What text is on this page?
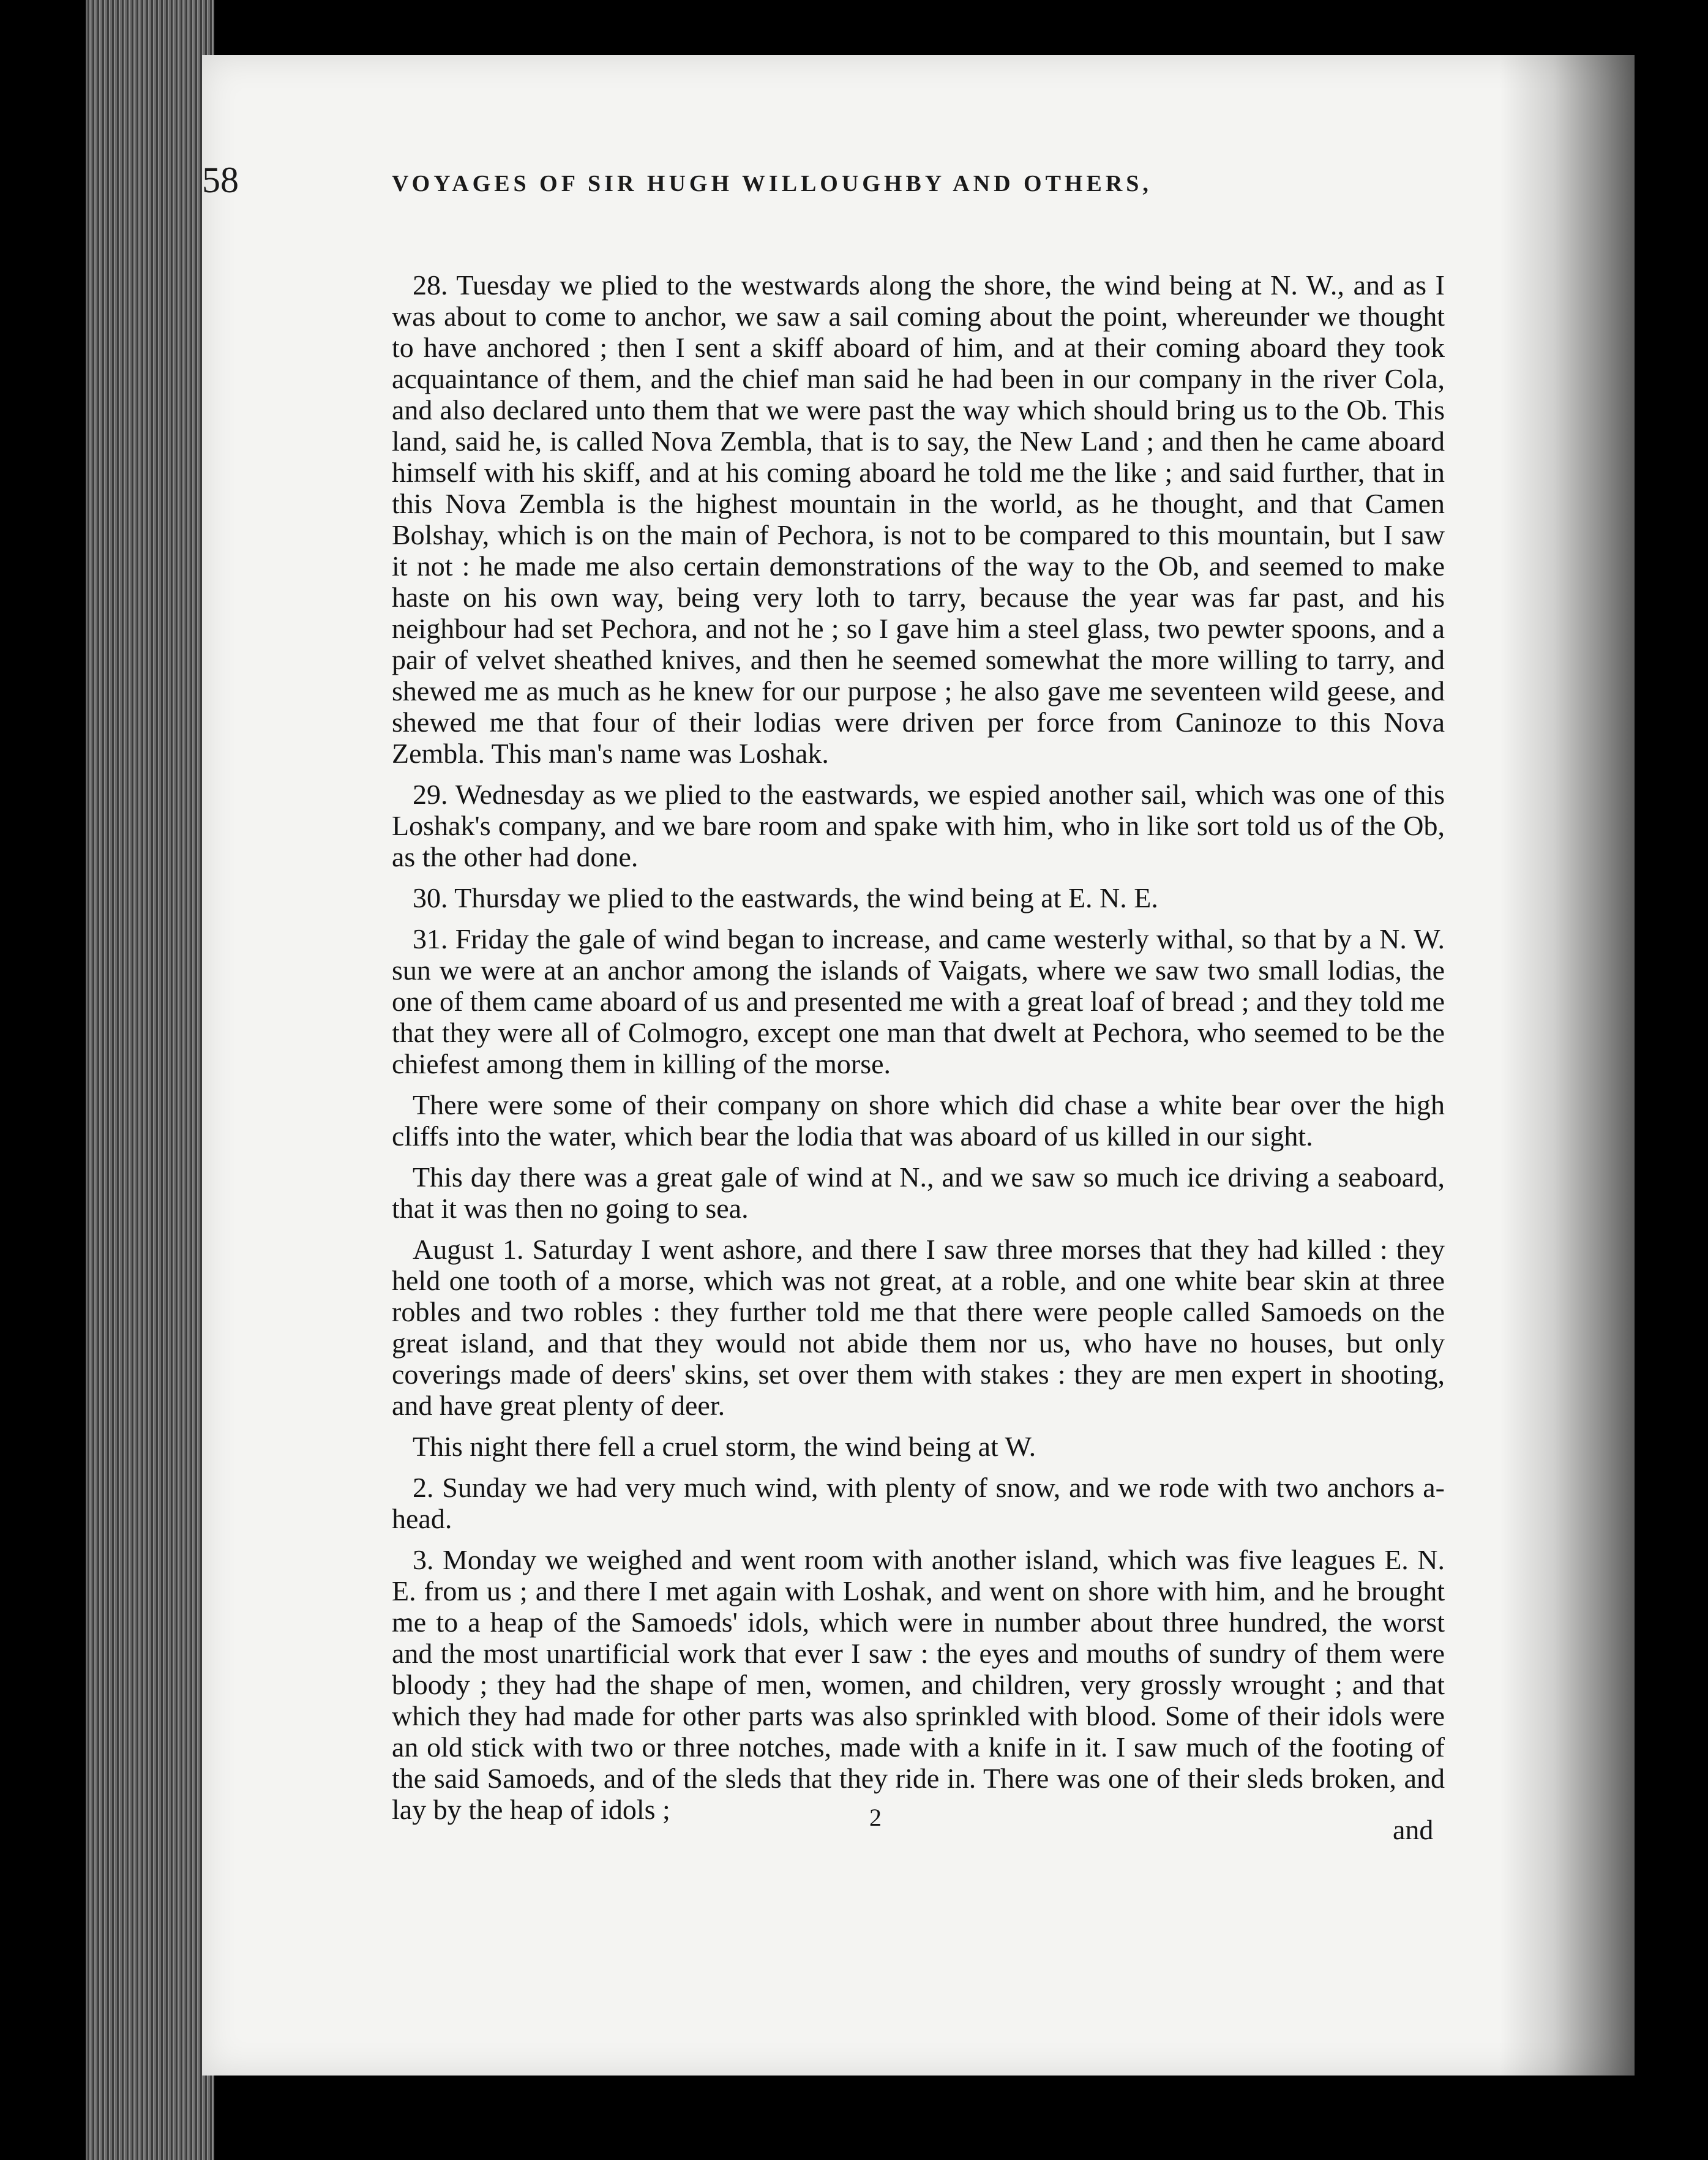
58	VOYAGES OF SIR HUGH WILLOUGHBY AND OTHERS,

28. Tuesday we plied to the westwards along the shore, the wind being at N. W., and as I was about to come to anchor, we saw a sail coming about the point, whereunder we thought to have anchored ; then I sent a skiff aboard of him, and at their coming aboard they took acquaintance of them, and the chief man said he had been in our company in the river Cola, and also declared unto them that we were past the way which should bring us to the Ob. This land, said he, is called Nova Zembla, that is to say, the New Land ; and then he came aboard himself with his skiff, and at his coming aboard he told me the like ; and said further, that in this Nova Zembla is the highest mountain in the world, as he thought, and that Camen Bolshay, which is on the main of Pechora, is not to be compared to this mountain, but I saw it not : he made me also certain demonstrations of the way to the Ob, and seemed to make haste on his own way, being very loth to tarry, because the year was far past, and his neighbour had set Pechora, and not he ; so I gave him a steel glass, two pewter spoons, and a pair of velvet sheathed knives, and then he seemed somewhat the more willing to tarry, and shewed me as much as he knew for our purpose ; he also gave me seventeen wild geese, and shewed me that four of their lodias were driven per force from Caninoze to this Nova Zembla. This man's name was Loshak.

29. Wednesday as we plied to the eastwards, we espied another sail, which was one of this Loshak's company, and we bare room and spake with him, who in like sort told us of the Ob, as the other had done.

30. Thursday we plied to the eastwards, the wind being at E. N. E.

31. Friday the gale of wind began to increase, and came westerly withal, so that by a N. W. sun we were at an anchor among the islands of Vaigats, where we saw two small lodias, the one of them came aboard of us and presented me with a great loaf of bread ; and they told me that they were all of Colmogro, except one man that dwelt at Pechora, who seemed to be the chiefest among them in killing of the morse.

There were some of their company on shore which did chase a white bear over the high cliffs into the water, which bear the lodia that was aboard of us killed in our sight.

This day there was a great gale of wind at N., and we saw so much ice driving a seaboard, that it was then no going to sea.

August 1. Saturday I went ashore, and there I saw three morses that they had killed : they held one tooth of a morse, which was not great, at a roble, and one white bear skin at three robles and two robles : they further told me that there were people called Samoeds on the great island, and that they would not abide them nor us, who have no houses, but only coverings made of deers' skins, set over them with stakes : they are men expert in shooting, and have great plenty of deer.

This night there fell a cruel storm, the wind being at W.

2. Sunday we had very much wind, with plenty of snow, and we rode with two anchors a-head.

3. Monday we weighed and went room with another island, which was five leagues E. N. E. from us ; and there I met again with Loshak, and went on shore with him, and he brought me to a heap of the Samoeds' idols, which were in number about three hundred, the worst and the most unartificial work that ever I saw : the eyes and mouths of sundry of them were bloody ; they had the shape of men, women, and children, very grossly wrought ; and that which they had made for other parts was also sprinkled with blood. Some of their idols were an old stick with two or three notches, made with a knife in it. I saw much of the footing of the said Samoeds, and of the sleds that they ride in. There was one of their sleds broken, and lay by the heap of idols ;	2	and
